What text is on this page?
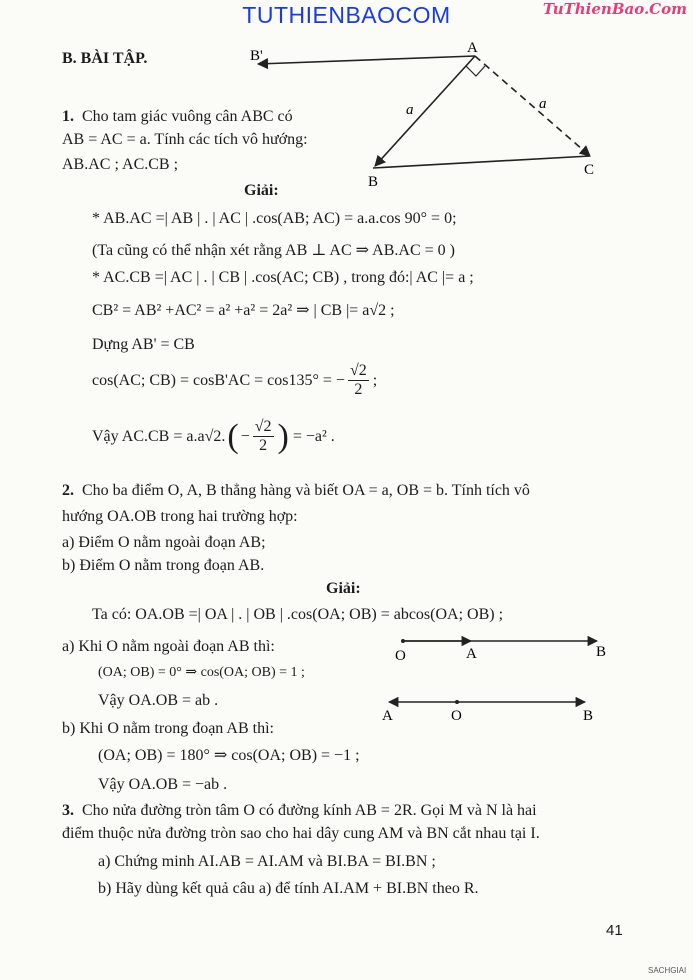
TUTHIENBAOCOM	TuThienBao.Com
B. BÀI TẬP.
A
B
C
B'
a	a
1. Cho tam giác vuông cân ABC có
AB = AC = a. Tính các tích vô hướng:
AB.AC ; AC.CB ;
Giải:
* AB.AC =| AB | . | AC | .cos(AB; AC) = a.a.cos 90° = 0;
(Ta cũng có thể nhận xét rằng AB ⊥ AC ⇒ AB.AC = 0 )
* AC.CB =| AC | . | CB | .cos(AC; CB) , trong đó:| AC |= a ;
CB² = AB² +AC² = a² +a² = 2a² ⇒ | CB |= a√2 ;
Dựng AB' = CB
cos(AC; CB) = cosB'AC = cos135° = − $\frac{√2}{2}$ ;
Vậy AC.CB = a.a√2. ( − $\frac{√2}{2}$ ) = −a² .
2. Cho ba điểm O, A, B thẳng hàng và biết OA = a, OB = b. Tính tích vô
hướng OA.OB trong hai trường hợp:
a) Điểm O nằm ngoài đoạn AB;
b) Điểm O nằm trong đoạn AB.
Giải:
Ta có: OA.OB =| OA | . | OB | .cos(OA; OB) = abcos(OA; OB) ;
a) Khi O nằm ngoài đoạn AB thì:
(OA; OB) = 0° ⇒ cos(OA; OB) = 1 ;
Vậy OA.OB = ab .
b) Khi O nằm trong đoạn AB thì:
(OA; OB) = 180° ⇒ cos(OA; OB) = −1 ;
Vậy OA.OB = −ab .
O	A	B
A	O	B
3. Cho nửa đường tròn tâm O có đường kính AB = 2R. Gọi M và N là hai
điểm thuộc nửa đường tròn sao cho hai dây cung AM và BN cắt nhau tại I.
a) Chứng minh AI.AB = AI.AM và BI.BA = BI.BN ;
b) Hãy dùng kết quả câu a) để tính AI.AM + BI.BN theo R.
41
SACHGIAI
